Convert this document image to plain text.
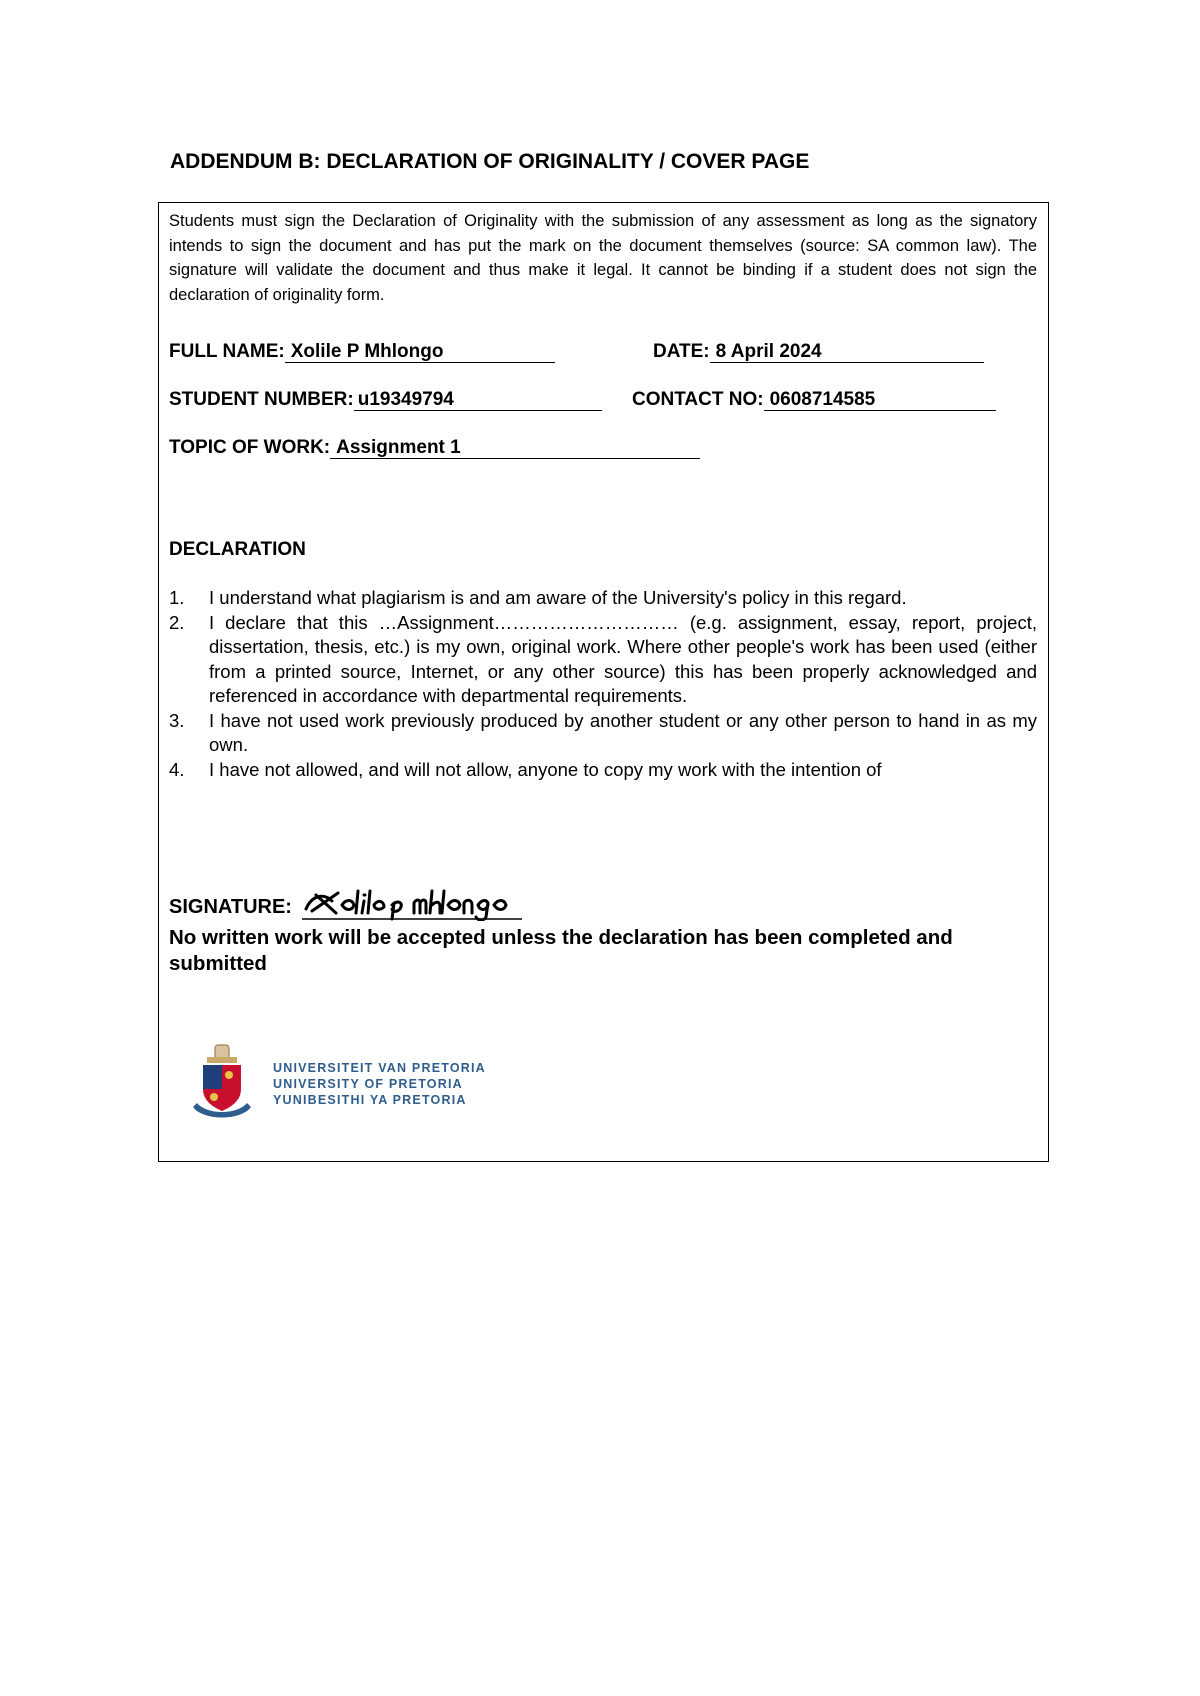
ADDENDUM B: DECLARATION OF ORIGINALITY / COVER PAGE
Students must sign the Declaration of Originality with the submission of any assessment as long as the signatory intends to sign the document and has put the mark on the document themselves (source: SA common law). The signature will validate the document and thus make it legal. It cannot be binding if a student does not sign the declaration of originality form.
FULL NAME: Xolile P Mhlongo	DATE: 8 April 2024
STUDENT NUMBER: u19349794	CONTACT NO: 0608714585
TOPIC OF WORK: Assignment 1
DECLARATION
1.	I understand what plagiarism is and am aware of the University's policy in this regard.
2.	I declare that this …Assignment………………………… (e.g. assignment, essay, report, project, dissertation, thesis, etc.) is my own, original work. Where other people's work has been used (either from a printed source, Internet, or any other source) this has been properly acknowledged and referenced in accordance with departmental requirements.
3.	I have not used work previously produced by another student or any other person to hand in as my own.
4.	I have not allowed, and will not allow, anyone to copy my work with the intention of
SIGNATURE:
No written work will be accepted unless the declaration has been completed and submitted
UNIVERSITEIT VAN PRETORIA
UNIVERSITY OF PRETORIA
YUNIBESITHI YA PRETORIA
